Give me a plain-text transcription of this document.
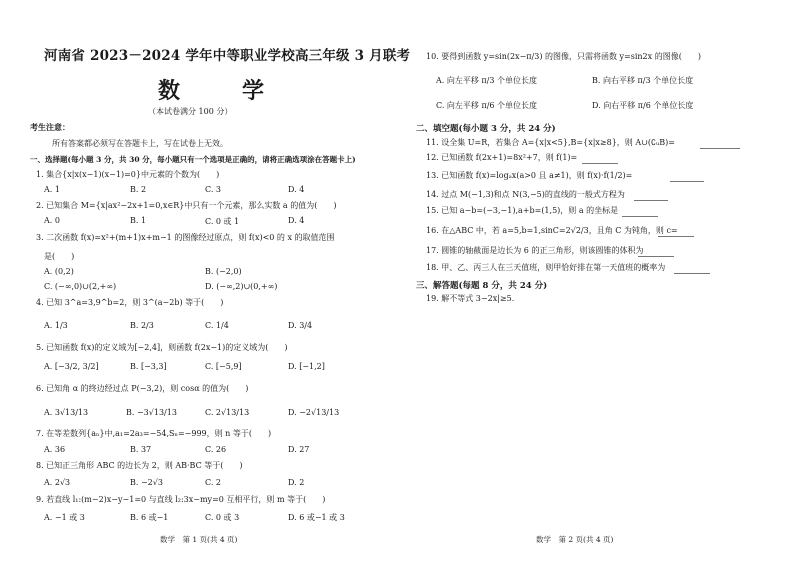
河南省 2023－2024 学年中等职业学校高三年级 3 月联考
数　学
（本试卷满分 100 分）
考生注意：
　所有答案都必须写在答题卡上，写在试卷上无效。
一、选择题(每小题 3 分，共 30 分，每小题只有一个选项是正确的，请将正确选项涂在答题卡上)
1. 集合{x|x(x−1)(x−1)=0}中元素的个数为(　　)
A. 1	B. 2	C. 3	D. 4
2. 已知集合 M={x|ax²−2x+1=0,x∈R}中只有一个元素，那么实数 a 的值为(　　)
A. 0	B. 1	C. 0 或 1	D. 4
3. 二次函数 f(x)=x²+(m+1)x+m−1 的图像经过原点，则 f(x)<0 的 x 的取值范围
是(　　)
A. (0,2)	B. (−2,0)
C. (−∞,0)∪(2,+∞)	D. (−∞,2)∪(0,+∞)
4. 已知 3^a=3,9^b=2，则 3^(a−2b) 等于(　　)
A. 1/3	B. 2/3	C. 1/4	D. 3/4
5. 已知函数 f(x)的定义域为[−2,4]，则函数 f(2x−1)的定义域为(　　)
A. [−3/2, 3/2]	B. [−3,3]	C. [−5,9]	D. [−1,2]
6. 已知角 α 的终边经过点 P(−3,2)，则 cosα 的值为(　　)
A. 3√13/13	B. −3√13/13	C. 2√13/13	D. −2√13/13
7. 在等差数列{aₙ}中,a₁=2a₃=−54,Sₙ=−999，则 n 等于(　　)
A. 36	B. 37	C. 26	D. 27
8. 已知正三角形 ABC 的边长为 2，则 AB·BC 等于(　　)
A. 2√3	B. −2√3	C. 2	D. 2
9. 若直线 l₁:(m−2)x−y−1=0 与直线 l₂:3x−my=0 互相平行，则 m 等于(　　)
A. −1 或 3	B. 6 或−1	C. 0 或 3	D. 6 或−1 或 3
数学　第 1 页(共 4 页)
10. 要得到函数 y=sin(2x−π/3) 的图像，只需将函数 y=sin2x 的图像(　　)
A. 向左平移 π/3 个单位长度	B. 向右平移 π/3 个单位长度
C. 向左平移 π/6 个单位长度	D. 向右平移 π/6 个单位长度
二、填空题(每小题 3 分，共 24 分)
11. 设全集 U=R，若集合 A={x|x<5},B={x|x≥8}，则 A∪(∁ᵤB)=
12. 已知函数 f(2x+1)=8x²+7，则 f(1)=
13. 已知函数 f(x)=logₐx(a>0 且 a≠1)，则 f(x)·f(1/2)=
14. 过点 M(−1,3)和点 N(3,−5)的直线的一般式方程为
15. 已知 a−b=(−3,−1),a+b=(1,5)，则 a 的坐标是
16. 在△ABC 中，若 a=5,b=1,sinC=2√2/3，且角 C 为钝角，则 c=
17. 圆锥的轴截面是边长为 6 的正三角形，则该圆锥的体积为
18. 甲、乙、丙三人在三天值班，则甲恰好排在第一天值班的概率为
三、解答题(每题 8 分，共 24 分)
19. 解不等式 3−2x|≥5.
数学　第 2 页(共 4 页)
